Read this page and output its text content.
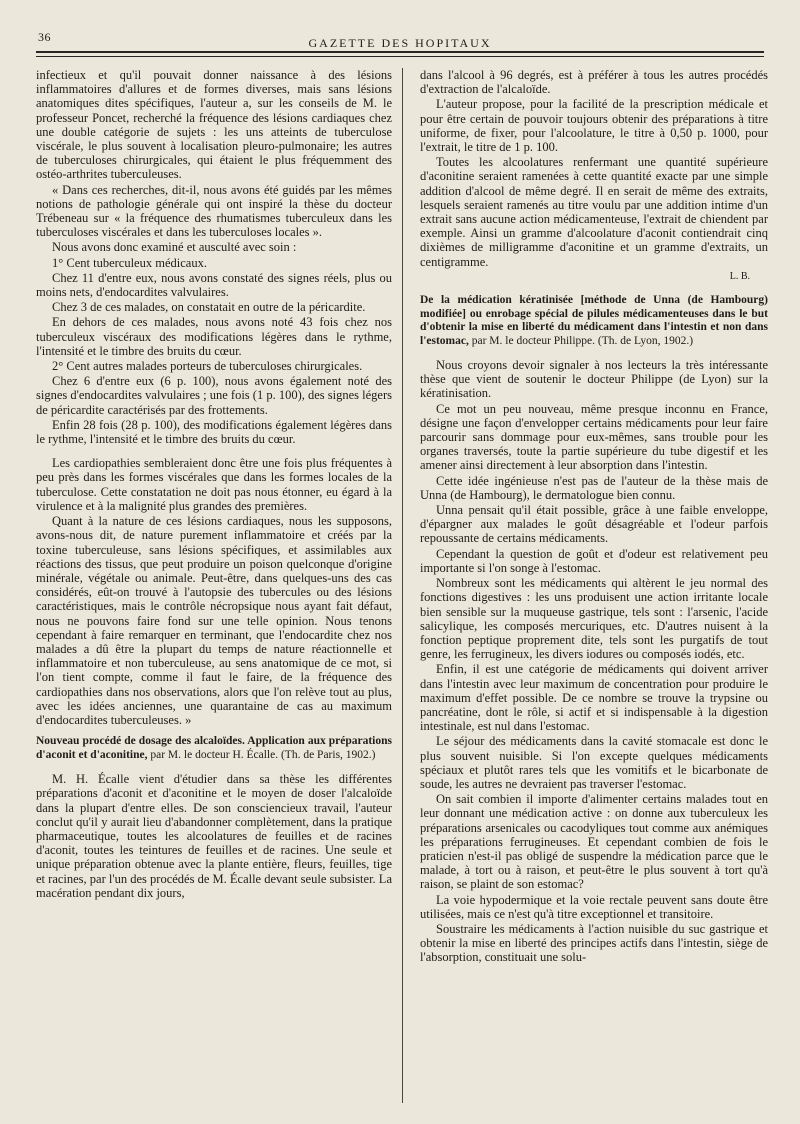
36	GAZETTE DES HOPITAUX

infectieux et qu'il pouvait donner naissance à des lésions inflammatoires d'allures et de formes diverses, mais sans lésions anatomiques dites spécifiques, l'auteur a, sur les conseils de M. le professeur Poncet, recherché la fréquence des lésions cardiaques chez une double catégorie de sujets : les uns atteints de tuberculose viscérale, le plus souvent à localisation pleuro-pulmonaire; les autres de tuberculoses chirurgicales, qui étaient le plus fréquemment des ostéo-arthrites tuberculeuses.

« Dans ces recherches, dit-il, nous avons été guidés par les mêmes notions de pathologie générale qui ont inspiré la thèse du docteur Trébeneau sur « la fréquence des rhumatismes tuberculeux dans les tuberculoses viscérales et dans les tuberculoses locales ».

Nous avons donc examiné et ausculté avec soin :

1° Cent tuberculeux médicaux.

Chez 11 d'entre eux, nous avons constaté des signes réels, plus ou moins nets, d'endocardites valvulaires.

Chez 3 de ces malades, on constatait en outre de la péricardite.

En dehors de ces malades, nous avons noté 43 fois chez nos tuberculeux viscéraux des modifications légères dans le rythme, l'intensité et le timbre des bruits du cœur.

2° Cent autres malades porteurs de tuberculoses chirurgicales.

Chez 6 d'entre eux (6 p. 100), nous avons également noté des signes d'endocardites valvulaires ; une fois (1 p. 100), des signes légers de péricardite caractérisés par des frottements.

Enfin 28 fois (28 p. 100), des modifications également légères dans le rythme, l'intensité et le timbre des bruits du cœur.

Les cardiopathies sembleraient donc être une fois plus fréquentes à peu près dans les formes viscérales que dans les formes locales de la tuberculose. Cette constatation ne doit pas nous étonner, eu égard à la virulence et à la malignité plus grandes des premières.

Quant à la nature de ces lésions cardiaques, nous les supposons, avons-nous dit, de nature purement inflammatoire et créés par la toxine tuberculeuse, sans lésions spécifiques, et assimilables aux réactions des tissus, que peut produire un poison quelconque d'origine minérale, végétale ou animale. Peut-être, dans quelques-uns des cas considérés, eût-on trouvé à l'autopsie des tubercules ou des lésions caractéristiques, mais le contrôle nécropsique nous ayant fait défaut, nous ne pouvons faire fond sur une telle opinion. Nous tenons cependant à faire remarquer en terminant, que l'endocardite chez nos malades a dû être la plupart du temps de nature réactionnelle et inflammatoire et non tuberculeuse, au sens anatomique de ce mot, si l'on tient compte, comme il faut le faire, de la fréquence des cardiopathies dans nos observations, alors que l'on relève tout au plus, avec les idées anciennes, une quarantaine de cas au maximum d'endocardites tuberculeuses. »

Nouveau procédé de dosage des alcaloïdes. Application aux préparations d'aconit et d'aconitine, par M. le docteur H. Écalle. (Th. de Paris, 1902.)

M. H. Écalle vient d'étudier dans sa thèse les différentes préparations d'aconit et d'aconitine et le moyen de doser l'alcaloïde dans la plupart d'entre elles. De son consciencieux travail, l'auteur conclut qu'il y aurait lieu d'abandonner complètement, dans la pratique pharmaceutique, toutes les alcoolatures de feuilles et de racines d'aconit, toutes les teintures de feuilles et de racines. Une seule et unique préparation obtenue avec la plante entière, fleurs, feuilles, tige et racines, par l'un des procédés de M. Écalle devant seule subsister. La macération pendant dix jours,

dans l'alcool à 96 degrés, est à préférer à tous les autres procédés d'extraction de l'alcaloïde.

L'auteur propose, pour la facilité de la prescription médicale et pour être certain de pouvoir toujours obtenir des préparations à titre uniforme, de fixer, pour l'alcoolature, le titre à 0,50 p. 1000, pour l'extrait, le titre de 1 p. 100.

Toutes les alcoolatures renfermant une quantité supérieure d'aconitine seraient ramenées à cette quantité exacte par une simple addition d'alcool de même degré. Il en serait de même des extraits, lesquels seraient ramenés au titre voulu par une addition intime d'un extrait sans aucune action médicamenteuse, l'extrait de chiendent par exemple. Ainsi un gramme d'alcoolature d'aconit contiendrait cinq dixièmes de milligramme d'aconitine et un gramme d'extraits, un centigramme.

L. B.
De la médication kératinisée [méthode de Unna (de Hambourg) modifiée] ou enrobage spécial de pilules médicamenteuses dans le but d'obtenir la mise en liberté du médicament dans l'intestin et non dans l'estomac, par M. le docteur Philippe. (Th. de Lyon, 1902.)

Nous croyons devoir signaler à nos lecteurs la très intéressante thèse que vient de soutenir le docteur Philippe (de Lyon) sur la kératinisation.

Ce mot un peu nouveau, même presque inconnu en France, désigne une façon d'envelopper certains médicaments pour leur faire parcourir sans dommage pour eux-mêmes, sans trouble pour les organes traversés, toute la partie supérieure du tube digestif et les amener ainsi directement à leur absorption dans l'intestin.

Cette idée ingénieuse n'est pas de l'auteur de la thèse mais de Unna (de Hambourg), le dermatologue bien connu.

Unna pensait qu'il était possible, grâce à une faible enveloppe, d'épargner aux malades le goût désagréable et l'odeur parfois repoussante de certains médicaments.

Cependant la question de goût et d'odeur est relativement peu importante si l'on songe à l'estomac.

Nombreux sont les médicaments qui altèrent le jeu normal des fonctions digestives : les uns produisent une action irritante locale bien sensible sur la muqueuse gastrique, tels sont : l'arsenic, l'acide salicylique, les composés mercuriques, etc. D'autres nuisent à la fonction peptique proprement dite, tels sont les purgatifs de tout genre, les ferrugineux, les divers iodures ou composés iodés, etc.

Enfin, il est une catégorie de médicaments qui doivent arriver dans l'intestin avec leur maximum de concentration pour produire le maximum d'effet possible. De ce nombre se trouve la trypsine ou pancréatine, dont le rôle, si actif et si indispensable à la digestion intestinale, est nul dans l'estomac.

Le séjour des médicaments dans la cavité stomacale est donc le plus souvent nuisible. Si l'on excepte quelques médicaments spéciaux et plutôt rares tels que les vomitifs et le bicarbonate de soude, les autres ne devraient pas traverser l'estomac.

On sait combien il importe d'alimenter certains malades tout en leur donnant une médication active : on donne aux tuberculeux les préparations arsenicales ou cacodyliques tout comme aux anémiques les préparations ferrugineuses. Et cependant combien de fois le praticien n'est-il pas obligé de suspendre la médication parce que le malade, à tort ou à raison, et peut-être le plus souvent à tort qu'à raison, se plaint de son estomac?

La voie hypodermique et la voie rectale peuvent sans doute être utilisées, mais ce n'est qu'à titre exceptionnel et transitoire.

Soustraire les médicaments à l'action nuisible du suc gastrique et obtenir la mise en liberté des principes actifs dans l'intestin, siège de l'absorption, constituait une solu-
